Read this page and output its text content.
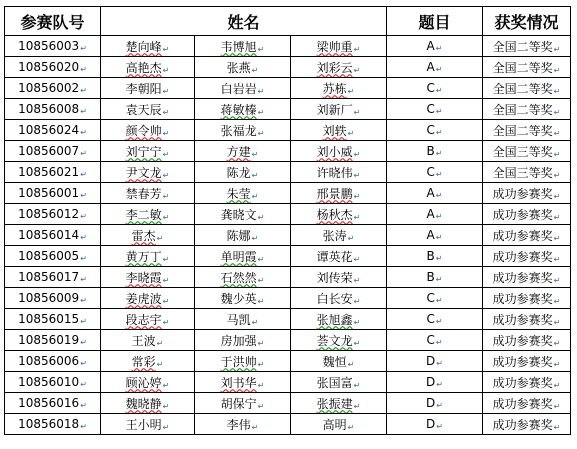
参赛队号	姓名			题目	获奖情况
10856003↵	楚向峰↵	韦博旭↵	梁帅重↵	A↵	全国二等奖↵
10856020↵	高艳杰↵	张燕↵	刘彩云↵	A↵	全国二等奖↵
10856002↵	李朝阳↵	白岩岩↵	苏栋↵	C↵	全国二等奖↵
10856008↵	袁天辰↵	蒋敏榛↵	刘新厂↵	C↵	全国二等奖↵
10856024↵	颜令帅↵	张福龙↵	刘轶↵	C↵	全国二等奖↵
10856007↵	刘宁宁↵	方建↵	刘小威↵	B↵	全国三等奖↵
10856021↵	尹文龙↵	陈龙↵	许晓伟↵	C↵	全国三等奖↵
10856001↵	禁春芳↵	朱莹↵	邢景鹏↵	A↵	成功参赛奖↵
10856012↵	李二敏↵	龚晓文↵	杨秋杰↵	A↵	成功参赛奖↵
10856014↵	雷杰↵	陈娜↵	张涛↵	A↵	成功参赛奖↵
10856005↵	黄万丁↵	单明霞↵	谭英花↵	B↵	成功参赛奖↵
10856017↵	李晓霞↵	石然然↵	刘传荣↵	B↵	成功参赛奖↵
10856009↵	姜虎波↵	魏少英↵	白长安↵	C↵	成功参赛奖↵
10856015↵	段志宇↵	马凯↵	张旭鑫↵	C↵	成功参赛奖↵
10856019↵	王波↵	房加强↵	荟文龙↵	C↵	成功参赛奖↵
10856006↵	常彩↵	于洪帅↵	魏恒↵	D↵	成功参赛奖↵
10856010↵	顾沁婷↵	刘书华↵	张国富↵	D↵	成功参赛奖↵
10856016↵	魏晓静↵	胡保宁↵	张振建↵	D↵	成功参赛奖↵
10856018↵	王小明↵	李伟↵	高明↵	D↵	成功参赛奖↵
